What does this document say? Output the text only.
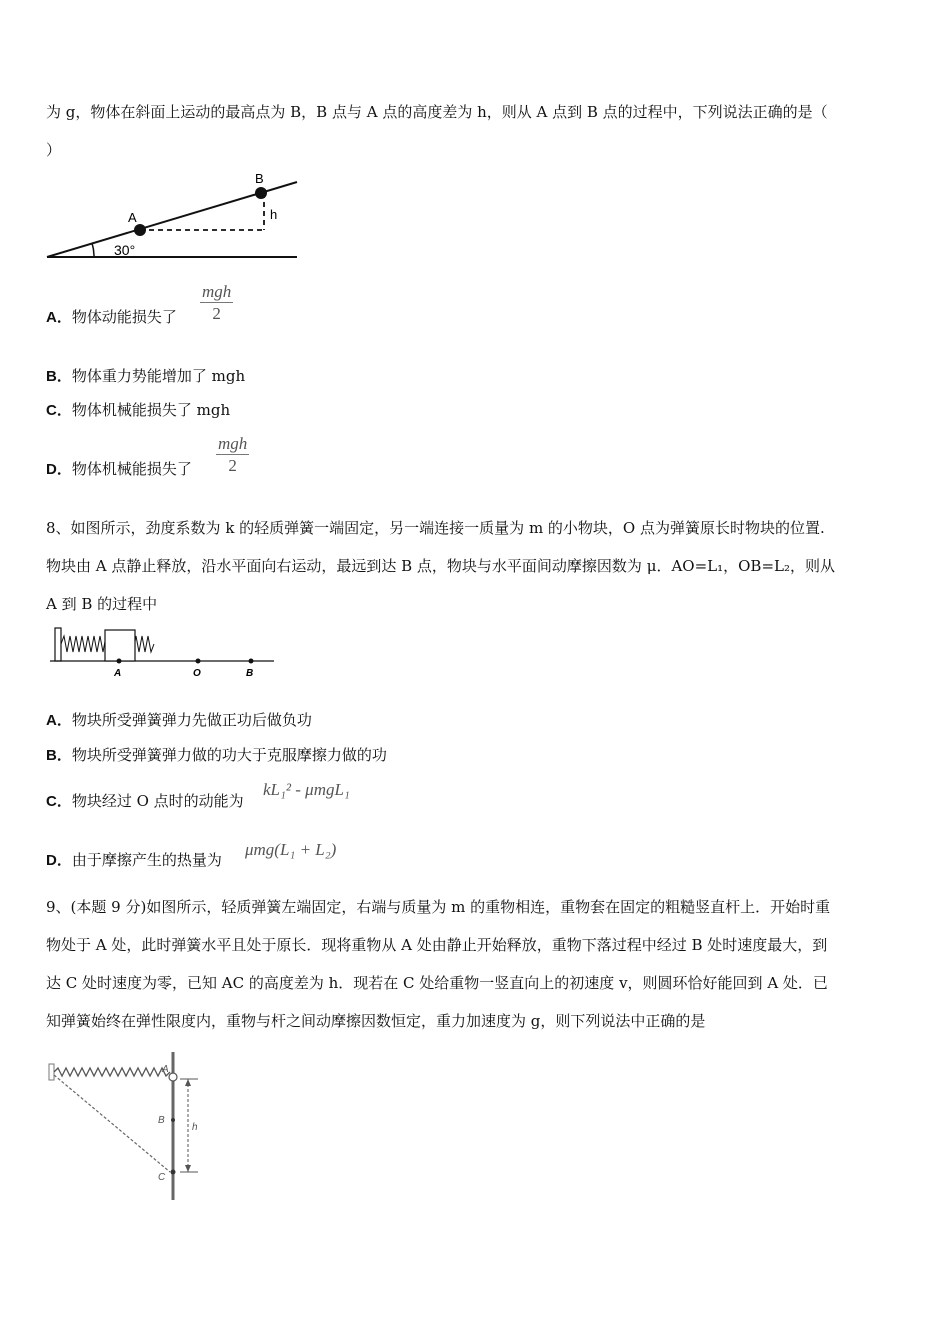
为 g，物体在斜面上运动的最高点为 B，B 点与 A 点的高度差为 h，则从 A 点到 B 点的过程中，下列说法正确的是（
）
A
B
h
30°
A．物体动能损失了
mgh
2
B．物体重力势能增加了 mgh
C．物体机械能损失了 mgh
D．物体机械能损失了
mgh
2
8、如图所示，劲度系数为 k 的轻质弹簧一端固定，另一端连接一质量为 m 的小物块，O 点为弹簧原长时物块的位置.
物块由 A 点静止释放，沿水平面向右运动，最远到达 B 点，物块与水平面间动摩擦因数为 μ．AO=L₁，OB=L₂，则从
A 到 B 的过程中
A	O	B
A．物块所受弹簧弹力先做正功后做负功
B．物块所受弹簧弹力做的功大于克服摩擦力做的功
C．物块经过 O 点时的动能为
kL₁² - μmgL₁
D．由于摩擦产生的热量为
μmg(L₁ + L₂)
9、(本题 9 分)如图所示，轻质弹簧左端固定，右端与质量为 m 的重物相连，重物套在固定的粗糙竖直杆上．开始时重
物处于 A 处，此时弹簧水平且处于原长．现将重物从 A 处由静止开始释放，重物下落过程中经过 B 处时速度最大，到
达 C 处时速度为零，已知 AC 的高度差为 h．现若在 C 处给重物一竖直向上的初速度 v，则圆环恰好能回到 A 处．已
知弹簧始终在弹性限度内，重物与杆之间动摩擦因数恒定，重力加速度为 g，则下列说法中正确的是
A
B
C
h
